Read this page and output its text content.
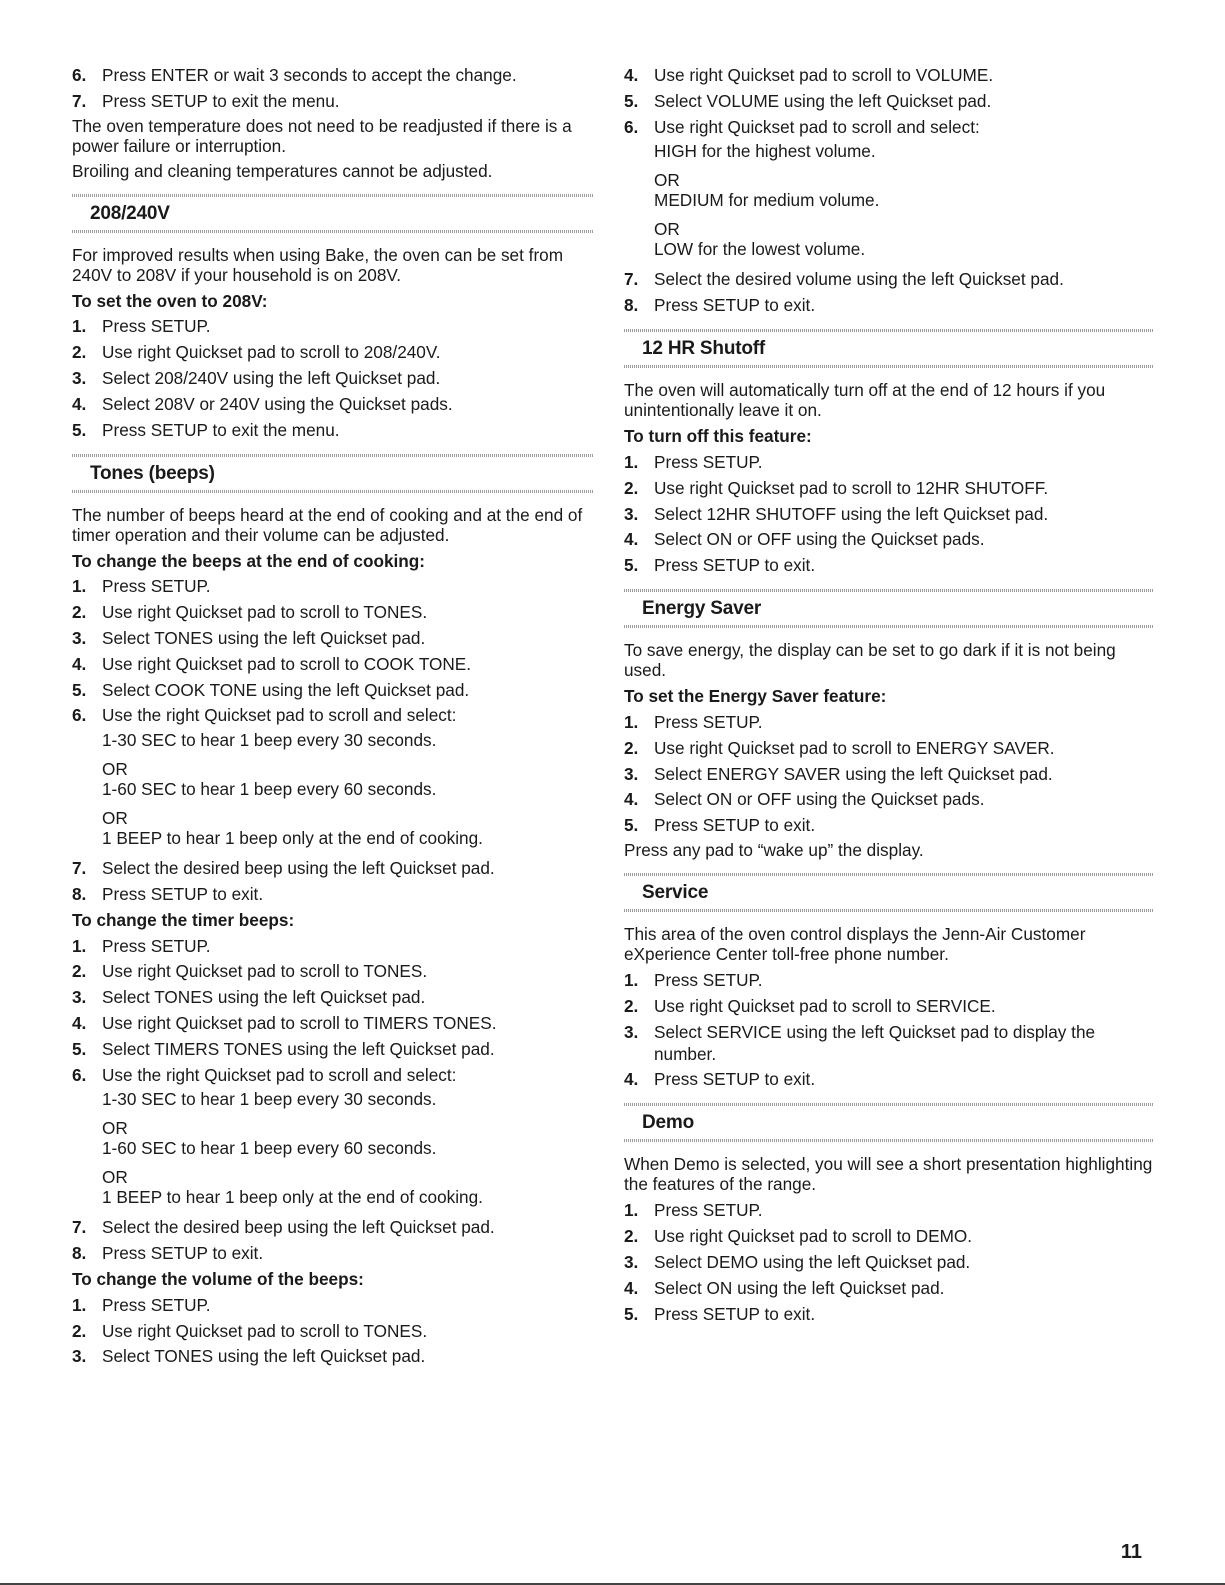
6. Press ENTER or wait 3 seconds to accept the change.
7. Press SETUP to exit the menu.

The oven temperature does not need to be readjusted if there is a power failure or interruption.

Broiling and cleaning temperatures cannot be adjusted.

208/240V

For improved results when using Bake, the oven can be set from 240V to 208V if your household is on 208V.

To set the oven to 208V:
1. Press SETUP.
2. Use right Quickset pad to scroll to 208/240V.
3. Select 208/240V using the left Quickset pad.
4. Select 208V or 240V using the Quickset pads.
5. Press SETUP to exit the menu.
Tones (beeps)

The number of beeps heard at the end of cooking and at the end of timer operation and their volume can be adjusted.

To change the beeps at the end of cooking:
1. Press SETUP.
2. Use right Quickset pad to scroll to TONES.
3. Select TONES using the left Quickset pad.
4. Use right Quickset pad to scroll to COOK TONE.
5. Select COOK TONE using the left Quickset pad.
6. Use the right Quickset pad to scroll and select:
1-30 SEC to hear 1 beep every 30 seconds.
OR
1-60 SEC to hear 1 beep every 60 seconds.
OR
1 BEEP to hear 1 beep only at the end of cooking.
7. Select the desired beep using the left Quickset pad.
8. Press SETUP to exit.
To change the timer beeps:
1. Press SETUP.
2. Use right Quickset pad to scroll to TONES.
3. Select TONES using the left Quickset pad.
4. Use right Quickset pad to scroll to TIMERS TONES.
5. Select TIMERS TONES using the left Quickset pad.
6. Use the right Quickset pad to scroll and select:
1-30 SEC to hear 1 beep every 30 seconds.
OR
1-60 SEC to hear 1 beep every 60 seconds.
OR
1 BEEP to hear 1 beep only at the end of cooking.
7. Select the desired beep using the left Quickset pad.
8. Press SETUP to exit.
To change the volume of the beeps:
1. Press SETUP.
2. Use right Quickset pad to scroll to TONES.
3. Select TONES using the left Quickset pad.
4. Use right Quickset pad to scroll to VOLUME.
5. Select VOLUME using the left Quickset pad.
6. Use right Quickset pad to scroll and select:
HIGH for the highest volume.
OR
MEDIUM for medium volume.
OR
LOW for the lowest volume.
7. Select the desired volume using the left Quickset pad.
8. Press SETUP to exit.
12 HR Shutoff

The oven will automatically turn off at the end of 12 hours if you unintentionally leave it on.

To turn off this feature:
1. Press SETUP.
2. Use right Quickset pad to scroll to 12HR SHUTOFF.
3. Select 12HR SHUTOFF using the left Quickset pad.
4. Select ON or OFF using the Quickset pads.
5. Press SETUP to exit.
Energy Saver

To save energy, the display can be set to go dark if it is not being used.

To set the Energy Saver feature:
1. Press SETUP.
2. Use right Quickset pad to scroll to ENERGY SAVER.
3. Select ENERGY SAVER using the left Quickset pad.
4. Select ON or OFF using the Quickset pads.
5. Press SETUP to exit.

Press any pad to “wake up” the display.

Service

This area of the oven control displays the Jenn-Air Customer eXperience Center toll-free phone number.

1. Press SETUP.
2. Use right Quickset pad to scroll to SERVICE.
3. Select SERVICE using the left Quickset pad to display the number.
4. Press SETUP to exit.
Demo

When Demo is selected, you will see a short presentation highlighting the features of the range.

1. Press SETUP.
2. Use right Quickset pad to scroll to DEMO.
3. Select DEMO using the left Quickset pad.
4. Select ON using the left Quickset pad.
5. Press SETUP to exit.
11
